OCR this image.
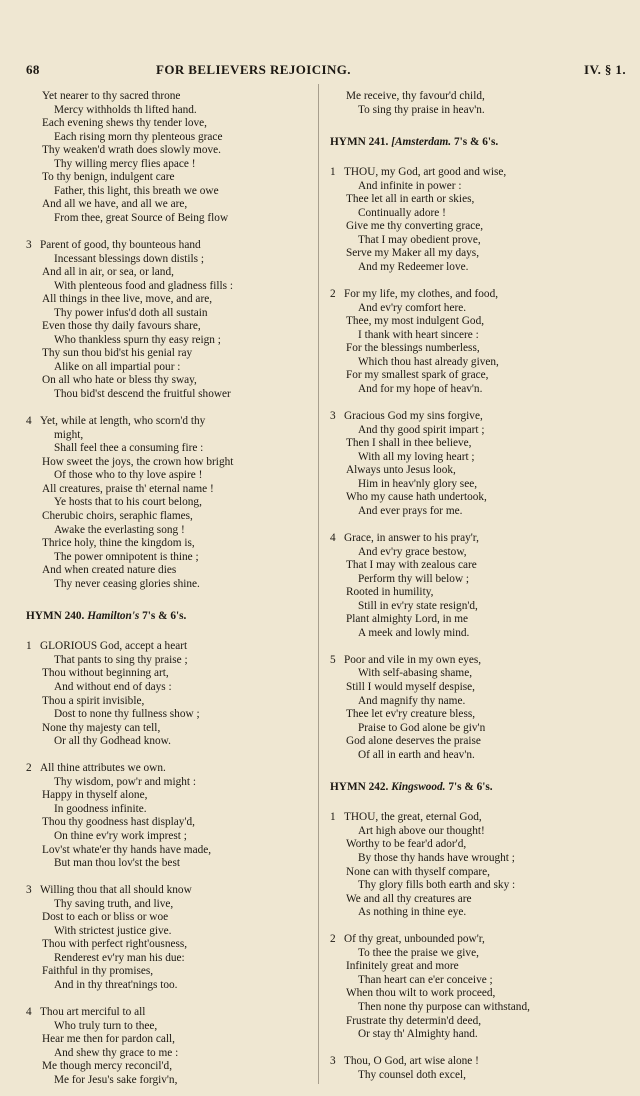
68	FOR BELIEVERS REJOICING.	IV. § 1.
Yet nearer to thy sacred throne
Mercy withholds th lifted hand.
Each evening shews thy tender love,
Each rising morn thy plenteous grace
Thy weaken'd wrath does slowly move.
Thy willing mercy flies apace !
To thy benign, indulgent care
Father, this light, this breath we owe
And all we have, and all we are,
From thee, great Source of Being flow
3 Parent of good, thy bounteous hand
Incessant blessings down distils ;
And all in air, or sea, or land,
With plenteous food and gladness fills :
All things in thee live, move, and are,
Thy power infus'd doth all sustain
Even those thy daily favours share,
Who thankless spurn thy easy reign ;
Thy sun thou bid'st his genial ray
Alike on all impartial pour :
On all who hate or bless thy sway,
Thou bid'st descend the fruitful shower
4 Yet, while at length, who scorn'd thy
might,
Shall feel thee a consuming fire :
How sweet the joys, the crown how bright
Of those who to thy love aspire !
All creatures, praise th' eternal name !
Ye hosts that to his court belong,
Cherubic choirs, seraphic flames,
Awake the everlasting song !
Thrice holy, thine the kingdom is,
The power omnipotent is thine ;
And when created nature dies
Thy never ceasing glories shine.
HYMN 240. Hamilton's 7's & 6's.
1 GLORIOUS God, accept a heart
That pants to sing thy praise ;
Thou without beginning art,
And without end of days :
Thou a spirit invisible,
Dost to none thy fullness show ;
None thy majesty can tell,
Or all thy Godhead know.
2 All thine attributes we own.
Thy wisdom, pow'r and might :
Happy in thyself alone,
In goodness infinite.
Thou thy goodness hast display'd,
On thine ev'ry work imprest ;
Lov'st whate'er thy hands have made,
But man thou lov'st the best
3 Willing thou that all should know
Thy saving truth, and live,
Dost to each or bliss or woe
With strictest justice give.
Thou with perfect right'ousness,
Renderest ev'ry man his due:
Faithful in thy promises,
And in thy threat'nings too.
4 Thou art merciful to all
Who truly turn to thee,
Hear me then for pardon call,
And shew thy grace to me :
Me though mercy reconcil'd,
Me for Jesu's sake forgiv'n,
Me receive, thy favour'd child,
To sing thy praise in heav'n.
HYMN 241. [Amsterdam. 7's & 6's.
1 THOU, my God, art good and wise,
And infinite in power :
Thee let all in earth or skies,
Continually adore !
Give me thy converting grace,
That I may obedient prove,
Serve my Maker all my days,
And my Redeemer love.
2 For my life, my clothes, and food,
And ev'ry comfort here.
Thee, my most indulgent God,
I thank with heart sincere :
For the blessings numberless,
Which thou hast already given,
For my smallest spark of grace,
And for my hope of heav'n.
3 Gracious God my sins forgive,
And thy good spirit impart ;
Then I shall in thee believe,
With all my loving heart ;
Always unto Jesus look,
Him in heav'nly glory see,
Who my cause hath undertook,
And ever prays for me.
4 Grace, in answer to his pray'r,
And ev'ry grace bestow,
That I may with zealous care
Perform thy will below ;
Rooted in humility,
Still in ev'ry state resign'd,
Plant almighty Lord, in me
A meek and lowly mind.
5 Poor and vile in my own eyes,
With self-abasing shame,
Still I would myself despise,
And magnify thy name.
Thee let ev'ry creature bless,
Praise to God alone be giv'n
God alone deserves the praise
Of all in earth and heav'n.
HYMN 242. Kingswood. 7's & 6's.
1 THOU, the great, eternal God,
Art high above our thought!
Worthy to be fear'd ador'd,
By those thy hands have wrought ;
None can with thyself compare,
Thy glory fills both earth and sky :
We and all thy creatures are
As nothing in thine eye.
2 Of thy great, unbounded pow'r,
To thee the praise we give,
Infinitely great and more
Than heart can e'er conceive ;
When thou wilt to work proceed,
Then none thy purpose can withstand,
Frustrate thy determin'd deed,
Or stay th' Almighty hand.
3 Thou, O God, art wise alone !
Thy counsel doth excel,
